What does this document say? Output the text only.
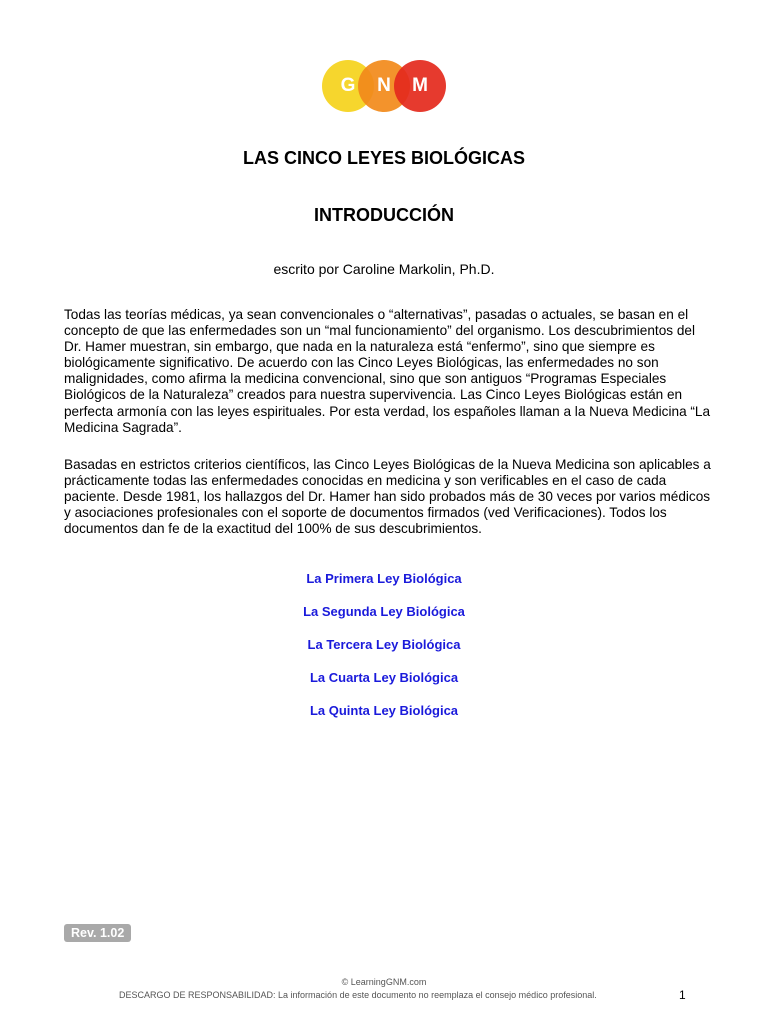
G N M
LAS CINCO LEYES BIOLÓGICAS
INTRODUCCIÓN
escrito por Caroline Markolin, Ph.D.

Todas las teorías médicas, ya sean convencionales o “alternativas”, pasadas o actuales, se basan en el concepto de que las enfermedades son un “mal funcionamiento” del organismo. Los descubrimientos del Dr. Hamer muestran, sin embargo, que nada en la naturaleza está “enfermo”, sino que siempre es biológicamente significativo. De acuerdo con las Cinco Leyes Biológicas, las enfermedades no son malignidades, como afirma la medicina convencional, sino que son antiguos “Programas Especiales Biológicos de la Naturaleza” creados para nuestra supervivencia. Las Cinco Leyes Biológicas están en perfecta armonía con las leyes espirituales. Por esta verdad, los españoles llaman a la Nueva Medicina “La Medicina Sagrada”.

Basadas en estrictos criterios científicos, las Cinco Leyes Biológicas de la Nueva Medicina son aplicables a prácticamente todas las enfermedades conocidas en medicina y son verificables en el caso de cada paciente. Desde 1981, los hallazgos del Dr. Hamer han sido probados más de 30 veces por varios médicos y asociaciones profesionales con el soporte de documentos firmados (ved Verificaciones). Todos los documentos dan fe de la exactitud del 100% de sus descubrimientos.

La Primera Ley Biológica
La Segunda Ley Biológica
La Tercera Ley Biológica
La Cuarta Ley Biológica
La Quinta Ley Biológica
Rev. 1.02
© LearningGNM.com
DESCARGO DE RESPONSABILIDAD: La información de este documento no reemplaza el consejo médico profesional.	1
